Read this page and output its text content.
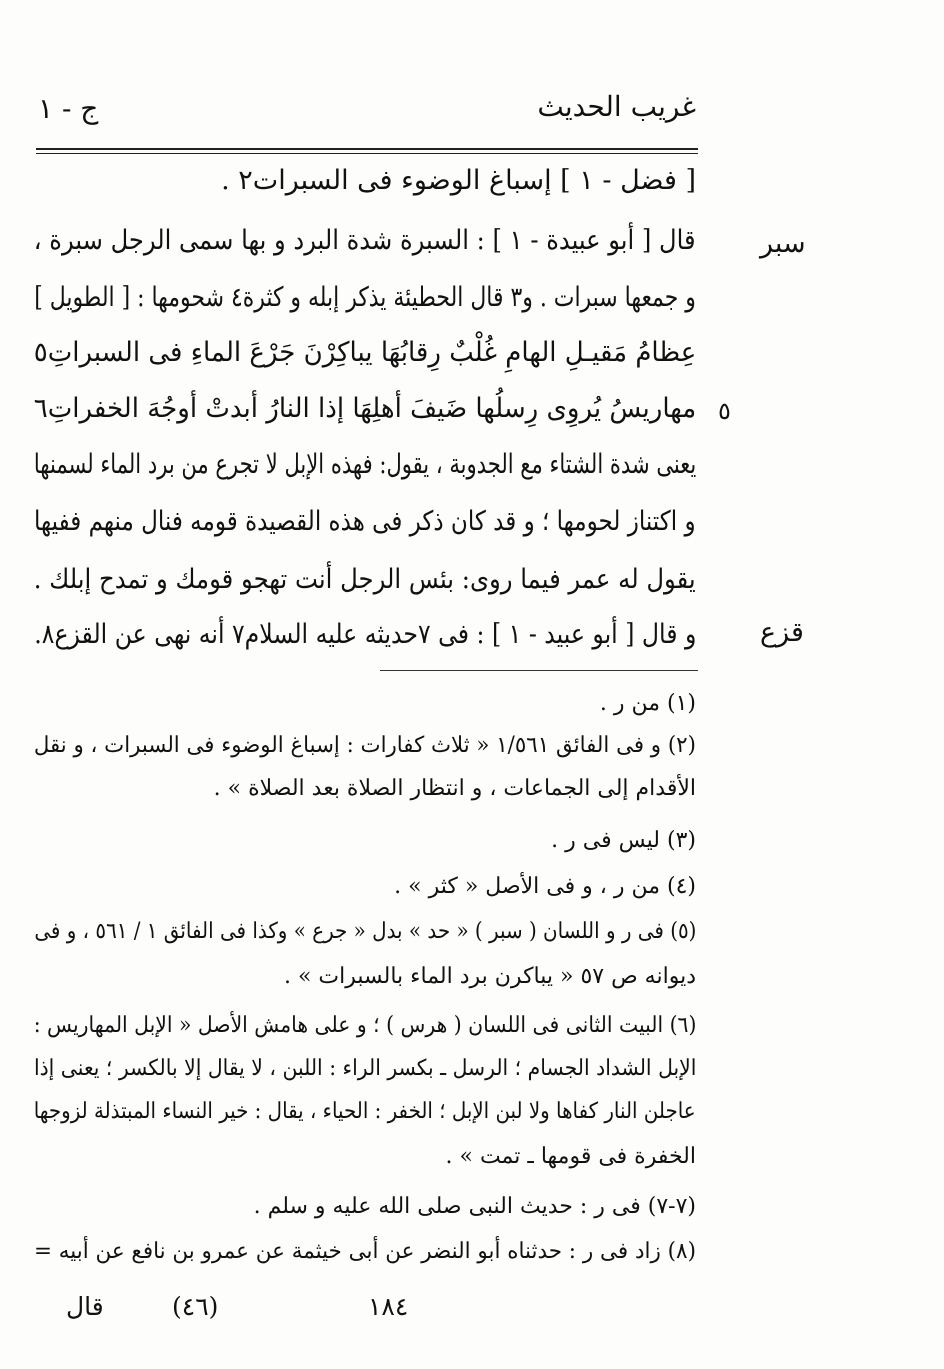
غريب الحديث
ج - ١
سبر
قزع
٥
[ فضل - ١ ] إسباغ الوضوء فى السبرات٢ .
قال [ أبو عبيدة - ١ ] : السبرة شدة البرد و بها سمى الرجل سبرة ،
و جمعها سبرات . و٣ قال الحطيئة يذكر إبله و كثرة٤ شحومها : [ الطويل ]
عِظامُ مَقيـلِ الهامِ غُلْبٌ رِقابُهَا يباكِرْنَ جَرْعَ الماءِ فى السبراتِ٥
مهاريسُ يُروِى رِسلُها ضَيفَ أهلِهَا إذا النارُ أبدتْ أوجُهَ الخفراتِ٦
يعنى شدة الشتاء مع الجدوبة ، يقول: فهذه الإبل لا تجرع من برد الماء لسمنها
و اكتناز لحومها ؛ و قد كان ذكر فى هذه القصيدة قومه فنال منهم ففيها
يقول له عمر فيما روى: بئس الرجل أنت تهجو قومك و تمدح إبلك .
و قال [ أبو عبيد - ١ ] : فى ٧حديثه عليه السلام٧ أنه نهى عن القزع٨.
(١) من ر .
(٢) و فى الفائق ١/٥٦١ « ثلاث كفارات : إسباغ الوضوء فى السبرات ، و نقل
الأقدام إلى الجماعات ، و انتظار الصلاة بعد الصلاة » .
(٣) ليس فى ر .
(٤) من ر ، و فى الأصل « كثر » .
(٥) فى ر و اللسان ( سبر ) « حد » بدل « جرع » وكذا فى الفائق ١ / ٥٦١ ، و فى
ديوانه ص ٥٧ « يباكرن برد الماء بالسبرات » .
(٦) البيت الثانى فى اللسان ( هرس ) ؛ و على هامش الأصل « الإبل المهاريس :
الإبل الشداد الجسام ؛ الرسل ـ بكسر الراء : اللبن ، لا يقال إلا بالكسر ؛ يعنى إذا
عاجلن النار كفاها ولا لبن الإبل ؛ الخفر : الحياء ، يقال : خير النساء المبتذلة لزوجها
الخفرة فى قومها ـ تمت » .
(٧-٧) فى ر : حديث النبى صلى الله عليه و سلم .
(٨) زاد فى ر : حدثناه أبو النضر عن أبى خيثمة عن عمرو بن نافع عن أبيه =
قال	(٤٦)	١٨٤
